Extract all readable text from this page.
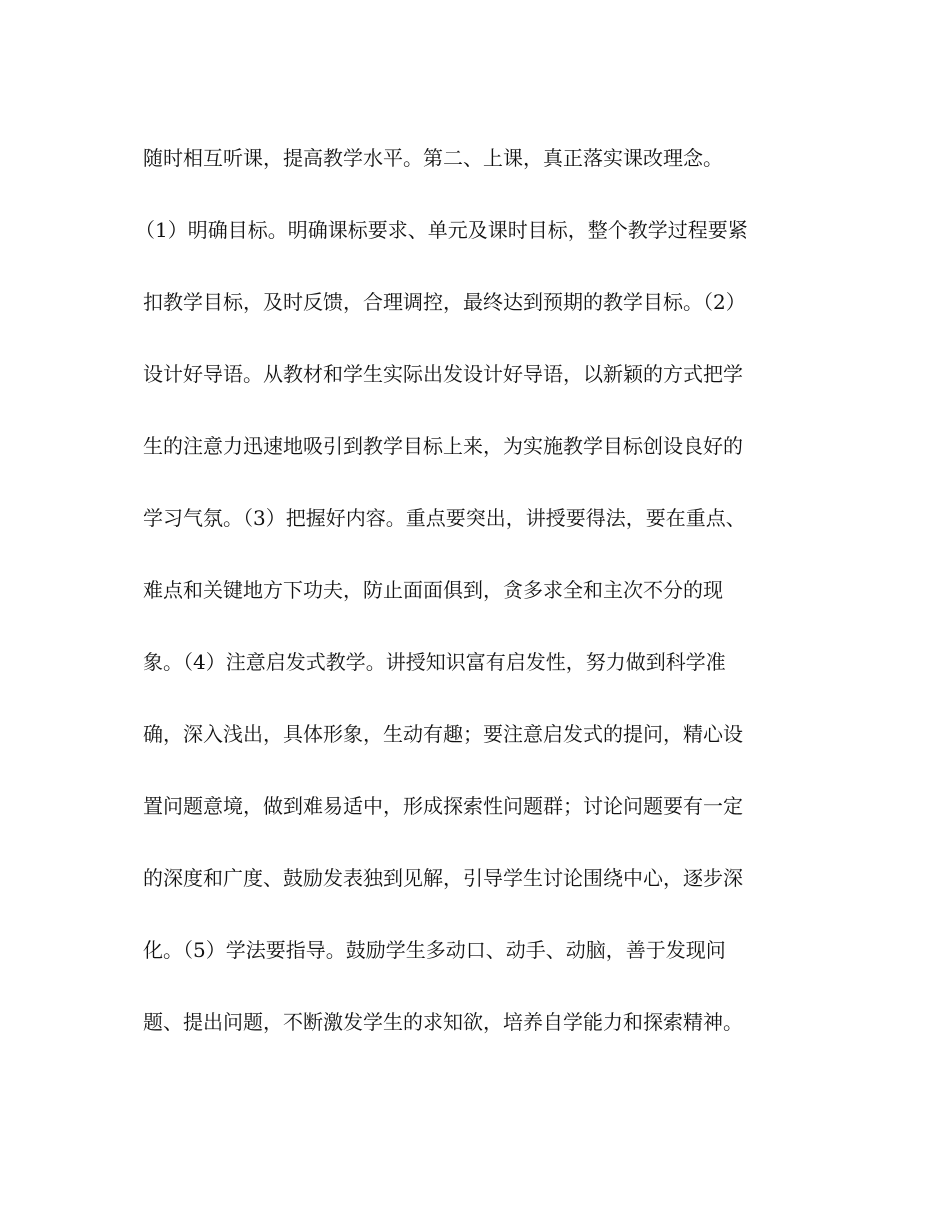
随时相互听课，提高教学水平。第二、上课，真正落实课改理念。

（1）明确目标。明确课标要求、单元及课时目标，整个教学过程要紧

扣教学目标，及时反馈，合理调控，最终达到预期的教学目标。（2）

设计好导语。从教材和学生实际出发设计好导语，以新颖的方式把学

生的注意力迅速地吸引到教学目标上来，为实施教学目标创设良好的

学习气氛。（3）把握好内容。重点要突出，讲授要得法，要在重点、

难点和关键地方下功夫，防止面面俱到，贪多求全和主次不分的现

象。（4）注意启发式教学。讲授知识富有启发性，努力做到科学准

确，深入浅出，具体形象，生动有趣；要注意启发式的提问，精心设

置问题意境，做到难易适中，形成探索性问题群；讨论问题要有一定

的深度和广度、鼓励发表独到见解，引导学生讨论围绕中心，逐步深

化。（5）学法要指导。鼓励学生多动口、动手、动脑，善于发现问

题、提出问题，不断激发学生的求知欲，培养自学能力和探索精神。
